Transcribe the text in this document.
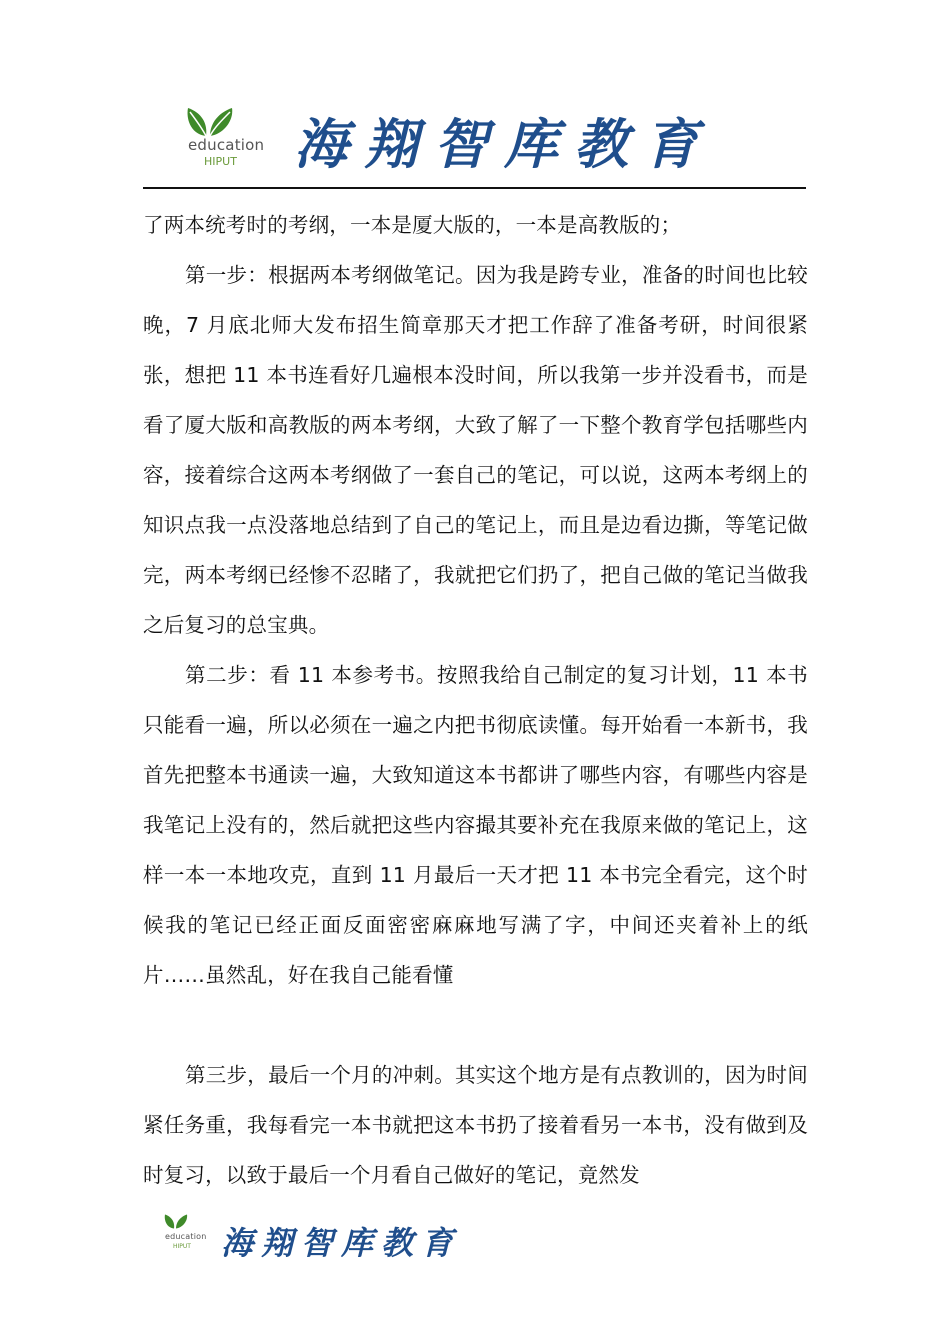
education
HIPUT 海翔智库教育

了两本统考时的考纲，一本是厦大版的，一本是高教版的；

第一步：根据两本考纲做笔记。因为我是跨专业，准备的时间也比较晚，7 月底北师大发布招生简章那天才把工作辞了准备考研，时间很紧张，想把 11 本书连看好几遍根本没时间，所以我第一步并没看书，而是看了厦大版和高教版的两本考纲，大致了解了一下整个教育学包括哪些内容，接着综合这两本考纲做了一套自己的笔记，可以说，这两本考纲上的知识点我一点没落地总结到了自己的笔记上，而且是边看边撕，等笔记做完，两本考纲已经惨不忍睹了，我就把它们扔了，把自己做的笔记当做我之后复习的总宝典。

第二步：看 11 本参考书。按照我给自己制定的复习计划，11 本书只能看一遍，所以必须在一遍之内把书彻底读懂。每开始看一本新书，我首先把整本书通读一遍，大致知道这本书都讲了哪些内容，有哪些内容是我笔记上没有的，然后就把这些内容撮其要补充在我原来做的笔记上，这样一本一本地攻克，直到 11 月最后一天才把 11 本书完全看完，这个时候我的笔记已经正面反面密密麻麻地写满了字，中间还夹着补上的纸片……虽然乱，好在我自己能看懂

第三步，最后一个月的冲刺。其实这个地方是有点教训的，因为时间紧任务重，我每看完一本书就把这本书扔了接着看另一本书，没有做到及时复习，以致于最后一个月看自己做好的笔记，竟然发

education
HIPUT 海翔智库教育
